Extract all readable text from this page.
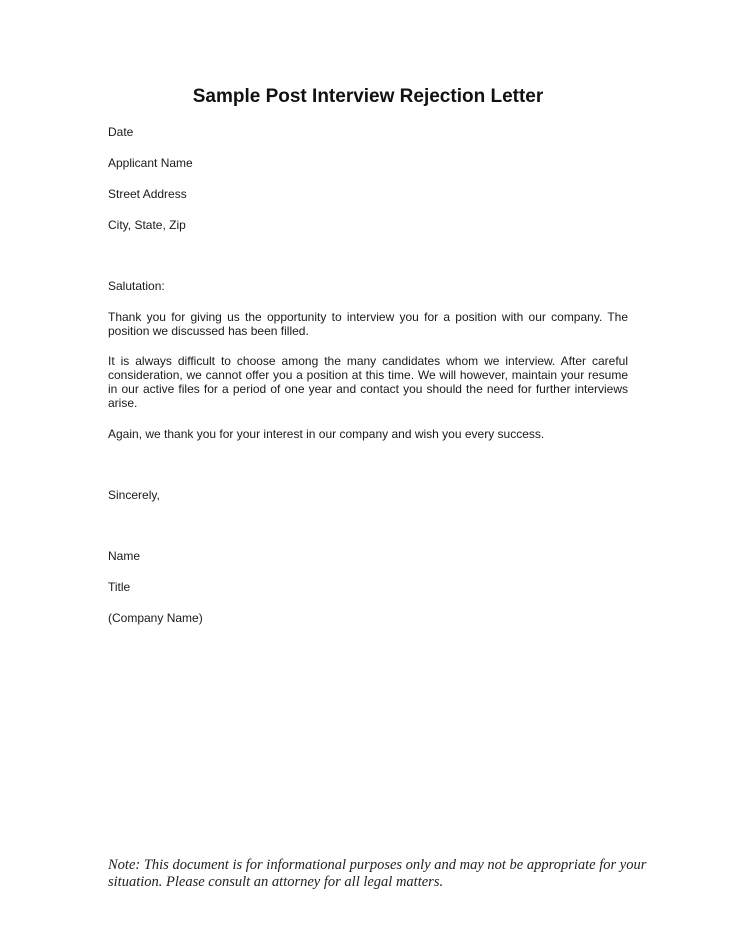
Sample Post Interview Rejection Letter

Date

Applicant Name

Street Address

City, State, Zip

Salutation:

Thank you for giving us the opportunity to interview you for a position with our company. The position we discussed has been filled.

It is always difficult to choose among the many candidates whom we interview. After careful consideration, we cannot offer you a position at this time. We will however, maintain your resume in our active files for a period of one year and contact you should the need for further interviews arise.

Again, we thank you for your interest in our company and wish you every success.

Sincerely,

Name

Title

(Company Name)

Note: This document is for informational purposes only and may not be appropriate for your situation. Please consult an attorney for all legal matters.
